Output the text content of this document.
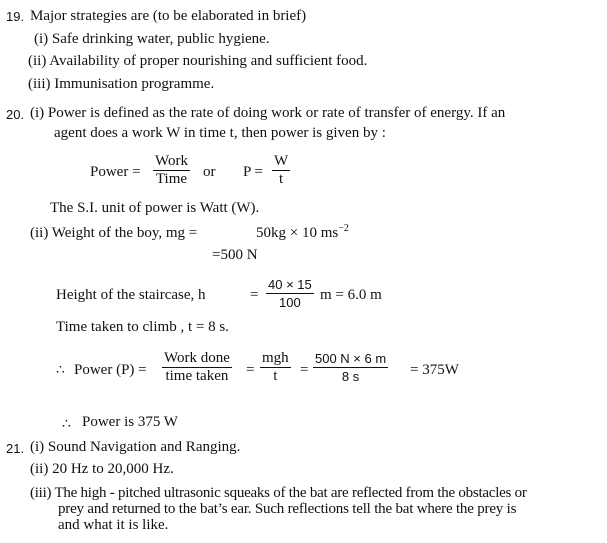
19. Major strategies are (to be elaborated in brief)
(i) Safe drinking water, public hygiene.
(ii) Availability of proper nourishing and sufficient food.
(iii) Immunisation programme.
20. (i) Power is defined as the rate of doing work or rate of transfer of energy. If an
agent does a work W in time t, then power is given by :
Power =
Work
Time or $P = \frac{W}{t}$
The S.I. unit of power is Watt (W).
(ii) Weight of the boy, mg =	50kg × 10 $ms^{-2}$
=500 N
Height of the staircase, h	= $\frac{40 \times 15}{100}$ m = 6.0 m
Time taken to climb , t = 8 s.
∴ Power (P) =
Work done
time taken =
mgh
t	= $\frac{500 N \times 6 m}{8 s} = 375W$
∴ Power is 375 W
21. (i) Sound Navigation and Ranging.
(ii) 20 Hz to 20,000 Hz.
(iii) The high - pitched ultrasonic squeaks of the bat are reflected from the obstacles or
prey and returned to the bat’s ear. Such reflections tell the bat where the prey is
and what it is like.
